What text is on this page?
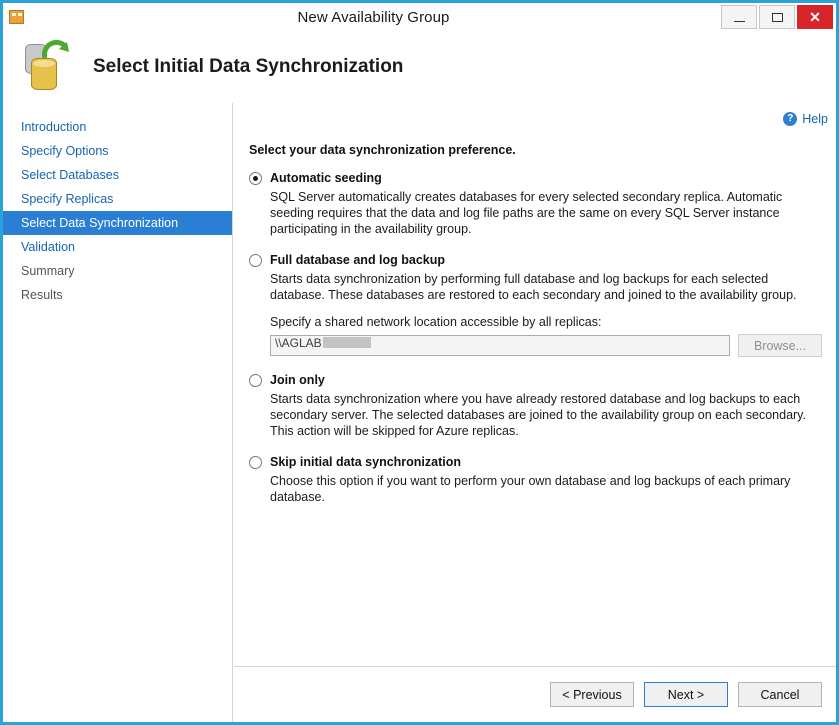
New Availability Group	✕
Select Initial Data Synchronization
Introduction
Specify Options
Select Databases
Specify Replicas
Select Data Synchronization
Validation
Summary
Results
? Help
Select your data synchronization preference.
Automatic seeding
SQL Server automatically creates databases for every selected secondary replica. Automatic seeding requires that the data and log file paths are the same on every SQL Server instance participating in the availability group.
Full database and log backup
Starts data synchronization by performing full database and log backups for each selected database. These databases are restored to each secondary and joined to the availability group.
Specify a shared network location accessible by all replicas:
\\AGLAB	Browse...
Join only
Starts data synchronization where you have already restored database and log backups to each secondary server. The selected databases are joined to the availability group on each secondary. This action will be skipped for Azure replicas.
Skip initial data synchronization
Choose this option if you want to perform your own database and log backups of each primary database.
< Previous	Next >	Cancel
